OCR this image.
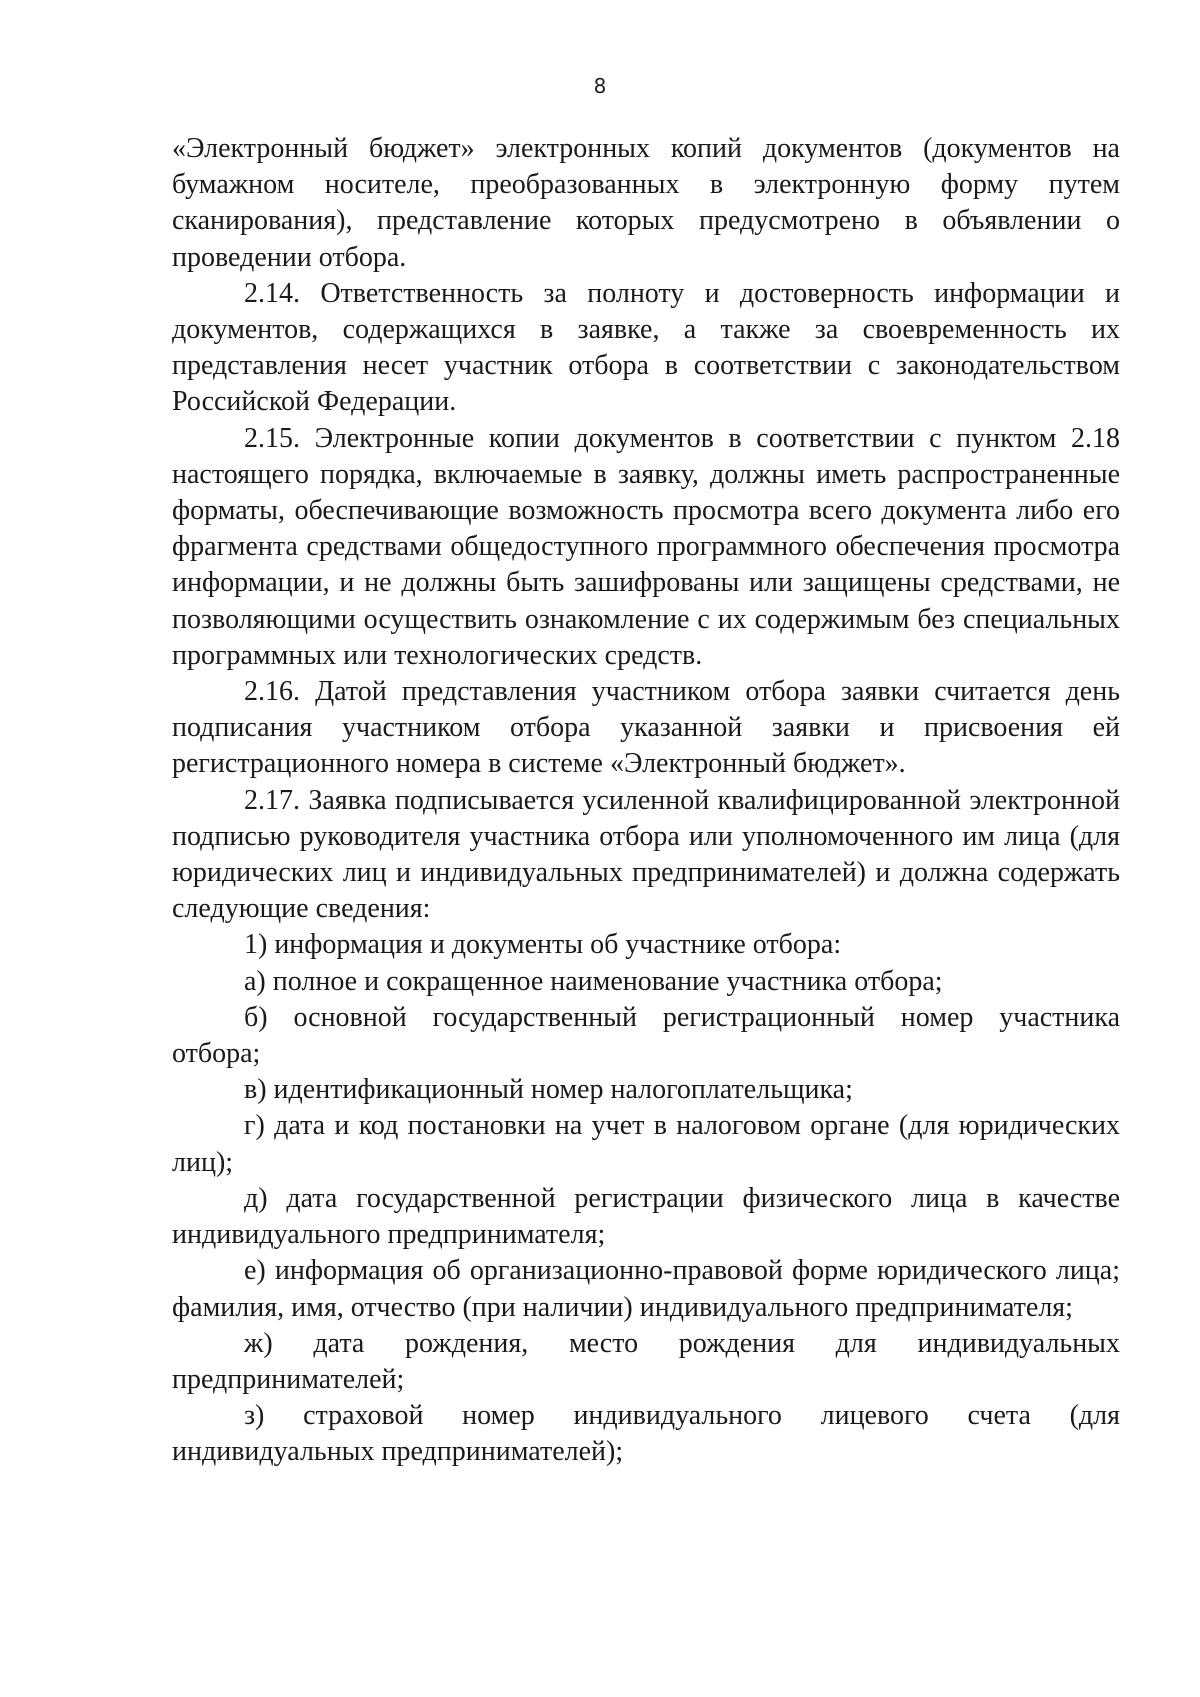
8

«Электронный бюджет» электронных копий документов (документов на бумажном носителе, преобразованных в электронную форму путем сканирования), представление которых предусмотрено в объявлении о проведении отбора.

2.14. Ответственность за полноту и достоверность информации и документов, содержащихся в заявке, а также за своевременность их представления несет участник отбора в соответствии с законодательством Российской Федерации.

2.15. Электронные копии документов в соответствии с пунктом 2.18 настоящего порядка, включаемые в заявку, должны иметь распространенные форматы, обеспечивающие возможность просмотра всего документа либо его фрагмента средствами общедоступного программного обеспечения просмотра информации, и не должны быть зашифрованы или защищены средствами, не позволяющими осуществить ознакомление с их содержимым без специальных программных или технологических средств.

2.16. Датой представления участником отбора заявки считается день подписания участником отбора указанной заявки и присвоения ей регистрационного номера в системе «Электронный бюджет».

2.17. Заявка подписывается усиленной квалифицированной электронной подписью руководителя участника отбора или уполномоченного им лица (для юридических лиц и индивидуальных предпринимателей) и должна содержать следующие сведения:

1) информация и документы об участнике отбора:

а) полное и сокращенное наименование участника отбора;

б) основной государственный регистрационный номер участника отбора;

в) идентификационный номер налогоплательщика;

г) дата и код постановки на учет в налоговом органе (для юридических лиц);

д) дата государственной регистрации физического лица в качестве индивидуального предпринимателя;

е) информация об организационно-правовой форме юридического лица; фамилия, имя, отчество (при наличии) индивидуального предпринимателя;

ж) дата рождения, место рождения для индивидуальных предпринимателей;

з) страховой номер индивидуального лицевого счета (для индивидуальных предпринимателей);
